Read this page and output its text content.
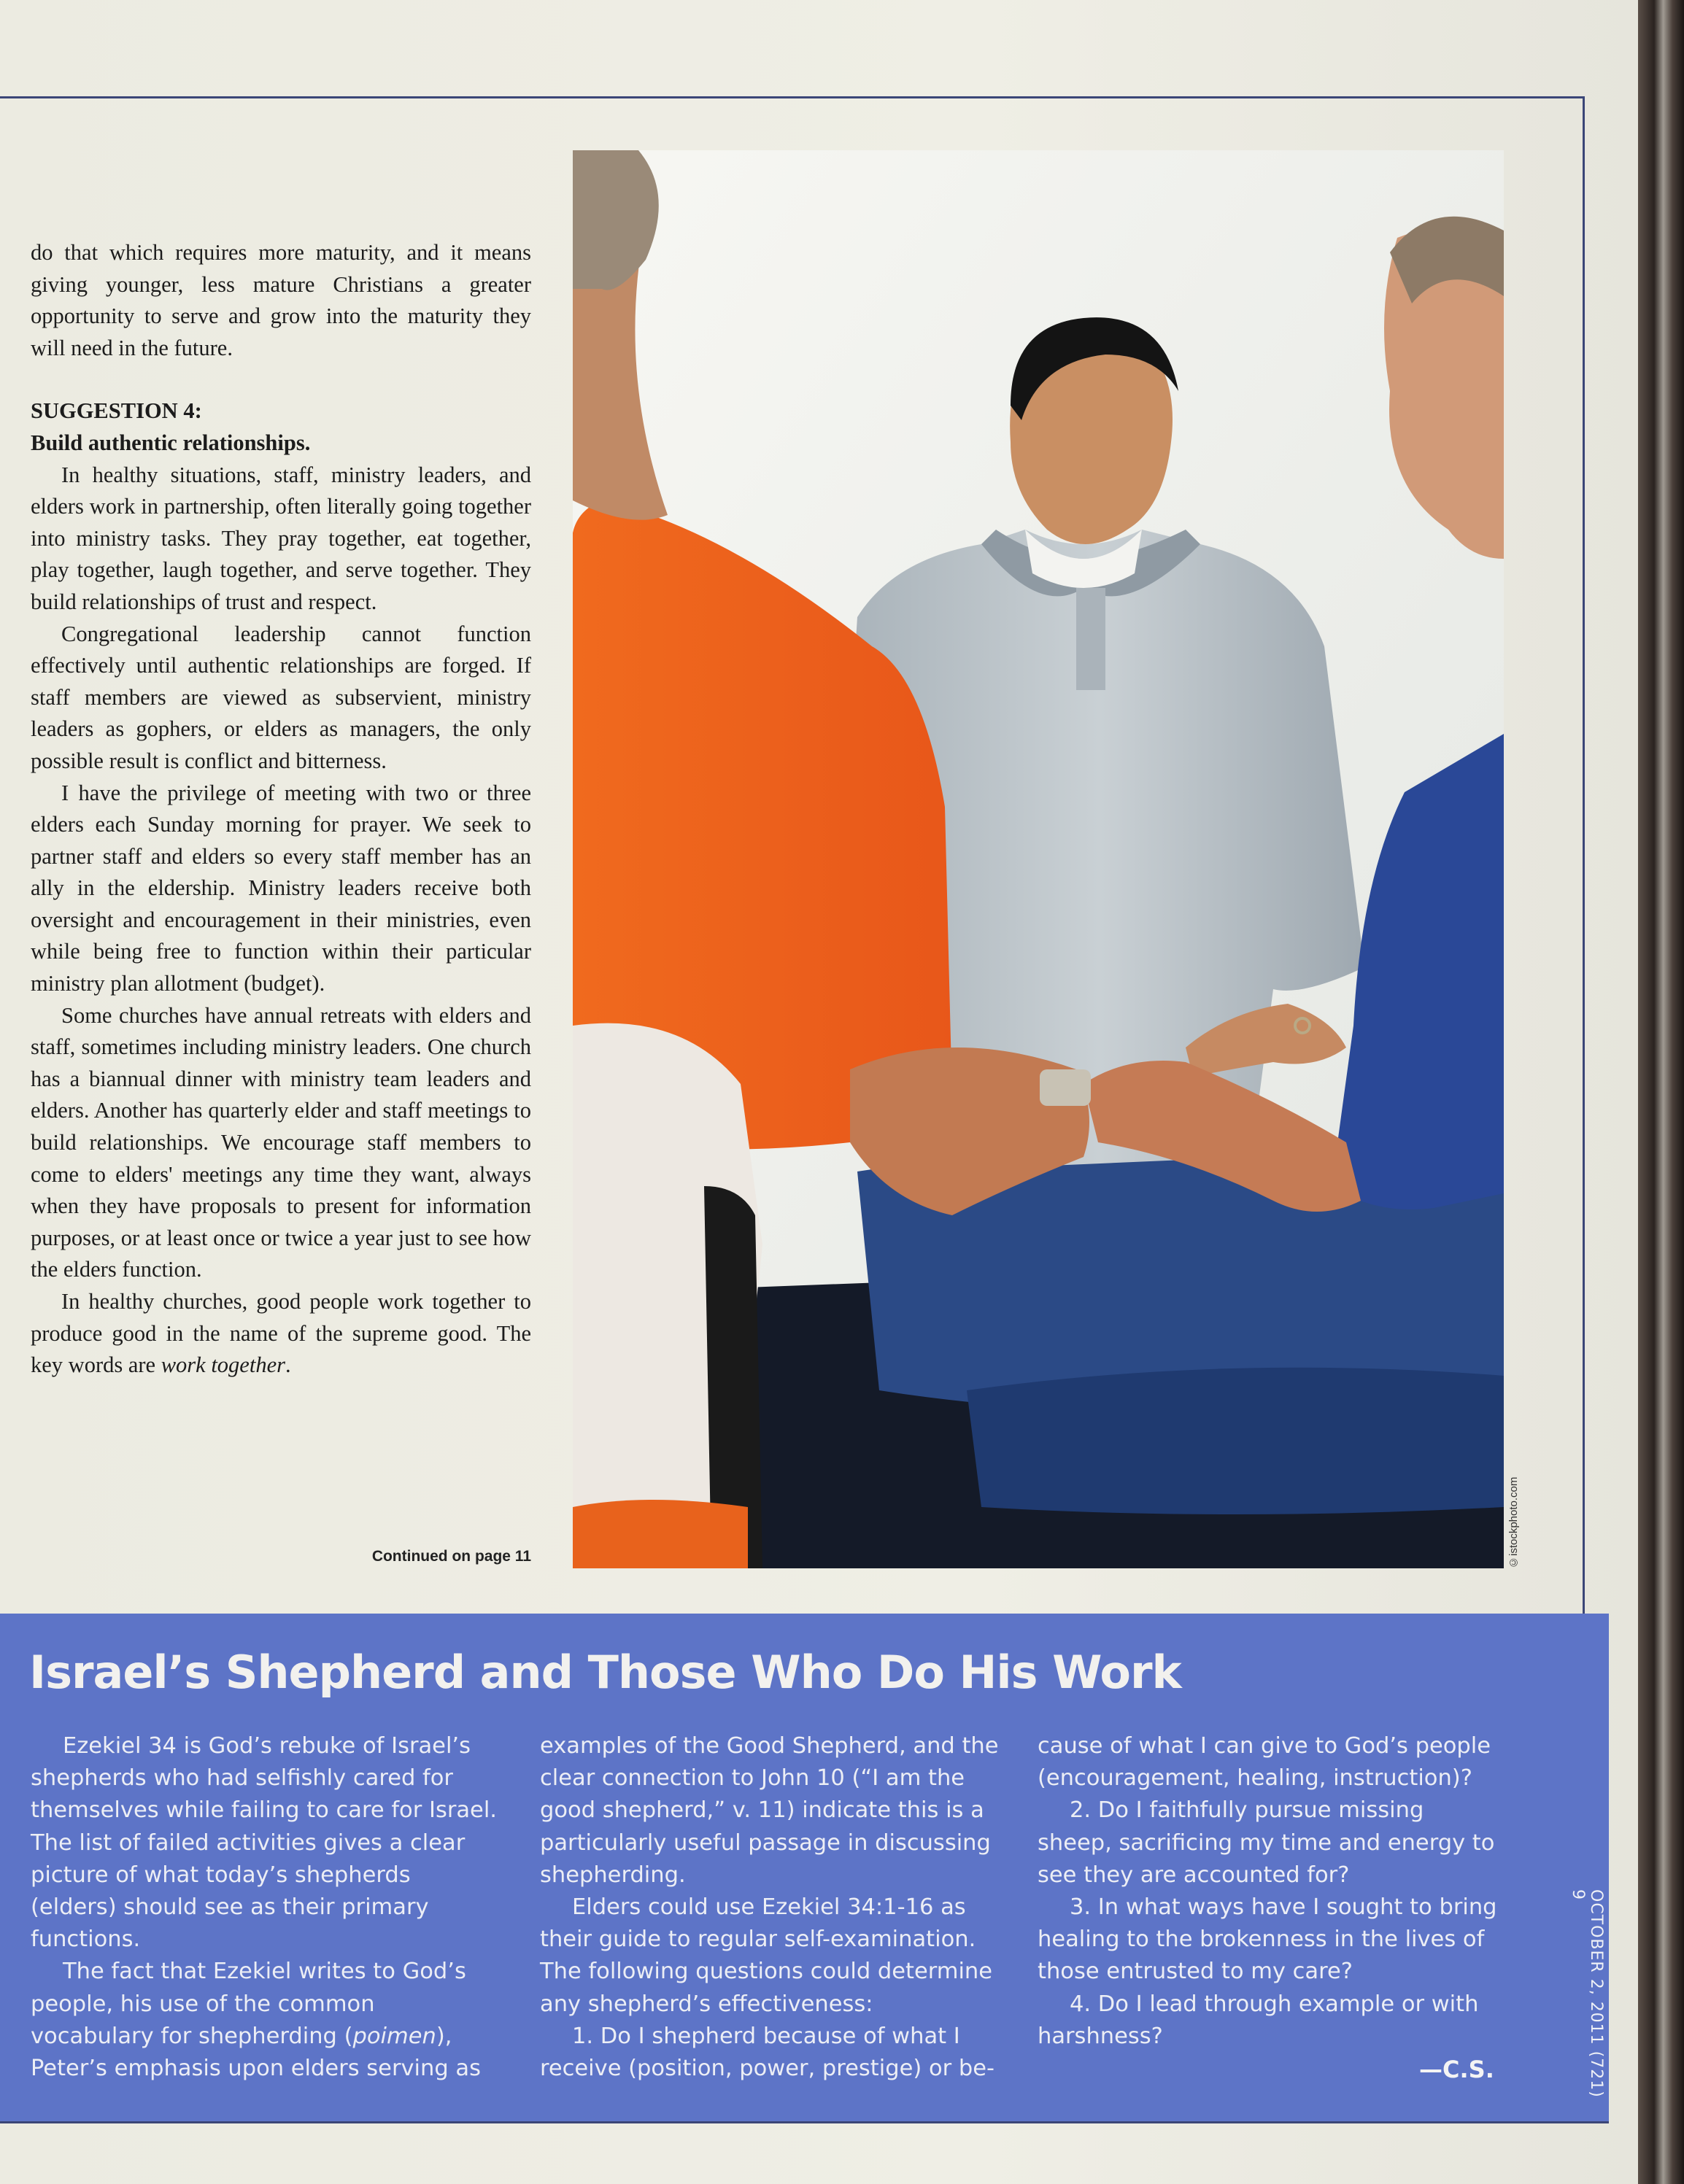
do that which requires more maturity, and it means giving younger, less mature Christians a greater opportunity to serve and grow into the maturity they will need in the future.

SUGGESTION 4:
Build authentic relationships.

In healthy situations, staff, ministry leaders, and elders work in partnership, often literally going together into ministry tasks. They pray together, eat together, play together, laugh together, and serve together. They build relationships of trust and respect.

Congregational leadership cannot function effectively until authentic relationships are forged. If staff members are viewed as subservient, ministry leaders as gophers, or elders as managers, the only possible result is conflict and bitterness.

I have the privilege of meeting with two or three elders each Sunday morning for prayer. We seek to partner staff and elders so every staff member has an ally in the eldership. Ministry leaders receive both oversight and encouragement in their ministries, even while being free to function within their particular ministry plan allotment (budget).

Some churches have annual retreats with elders and staff, sometimes including ministry leaders. One church has a biannual dinner with ministry team leaders and elders. Another has quarterly elder and staff meetings to build relationships. We encourage staff members to come to elders' meetings any time they want, always when they have proposals to present for information purposes, or at least once or twice a year just to see how the elders function.

In healthy churches, good people work together to produce good in the name of the supreme good. The key words are work together.

Continued on page 11	©istockphoto.com
Israel’s Shepherd and Those Who Do His Work

Ezekiel 34 is God’s rebuke of Israel’s shepherds who had selfishly cared for themselves while failing to care for Israel. The list of failed activities gives a clear picture of what today’s shepherds (elders) should see as their primary functions.

The fact that Ezekiel writes to God’s people, his use of the common vocabulary for shepherding (poimen), Peter’s emphasis upon elders serving as

examples of the Good Shepherd, and the clear connection to John 10 (“I am the good shepherd,” v. 11) indicate this is a particularly useful passage in discussing shepherding.

Elders could use Ezekiel 34:1-16 as their guide to regular self-examination. The following questions could determine any shepherd’s effectiveness:

1. Do I shepherd because of what I receive (position, power, prestige) or be-

cause of what I can give to God’s people (encouragement, healing, instruction)?

2. Do I faithfully pursue missing sheep, sacrificing my time and energy to see they are accounted for?

3. In what ways have I sought to bring healing to the brokenness in the lives of those entrusted to my care?

4. Do I lead through example or with harshness?

—C.S.	OCTOBER 2, 2011 (721) 9
